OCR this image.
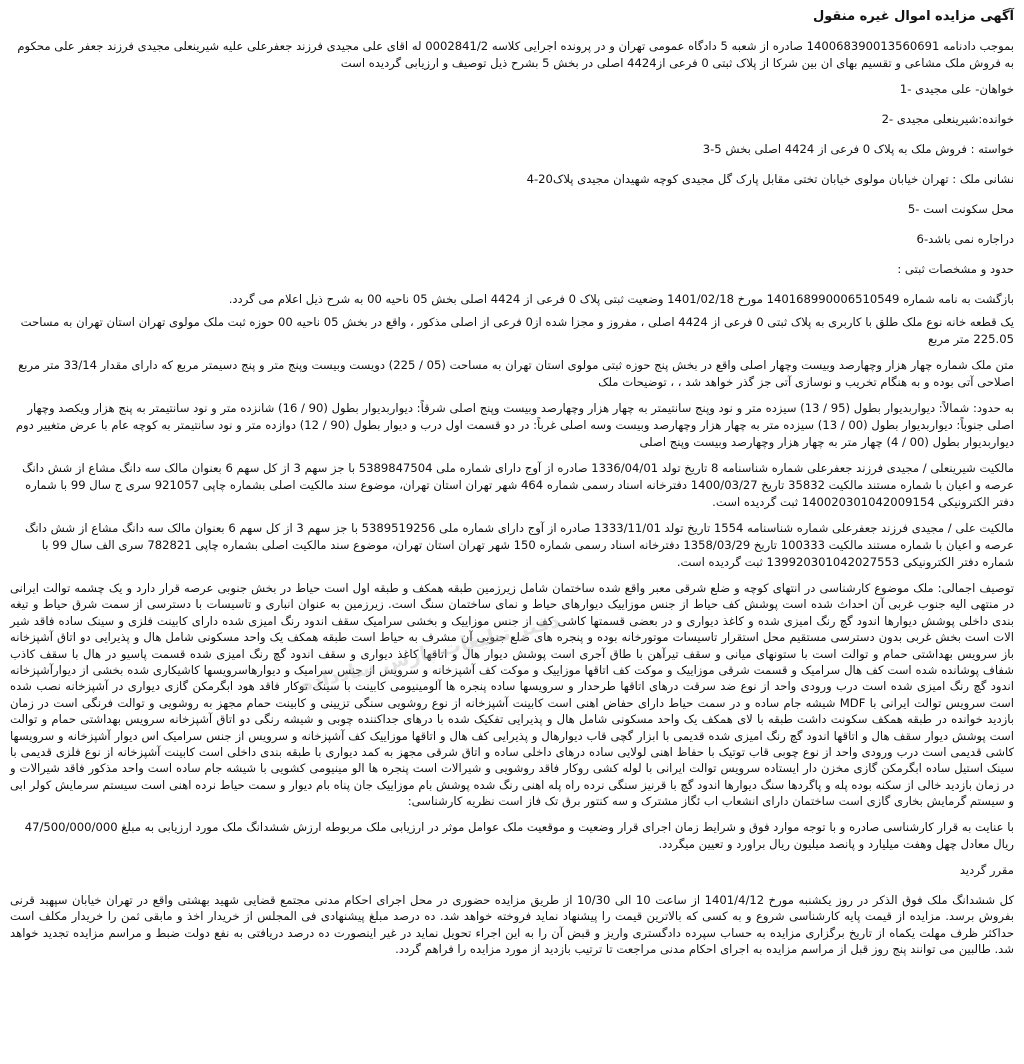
آگهی مزایده اموال غیره منقول
بموجب دادنامه 140068390013560691 صادره از شعبه 5 دادگاه عمومی تهران و در پرونده اجرایی کلاسه 0002841/2 له اقای علی مجیدی فرزند جعفرعلی علیه شیرینعلی مجیدی فرزند جعفر علی محکوم به فروش ملک مشاعی و تقسیم بهای ان بین شرکا از پلاک ثبتی 0 فرعی از4424 اصلی در بخش 5 بشرح ذیل توصیف و ارزیابی گردیده است
خواهان- علی مجیدی -1
خوانده:شیرینعلی مجیدی -2
خواسته : فروش ملک به پلاک 0 فرعی از 4424 اصلی بخش 5-3
نشانی ملک : تهران خیابان مولوی خیابان تختی مقابل پارک گل مجیدی کوچه شهیدان مجیدی پلاک20-4
محل سکونت است -5
دراجاره نمی باشد-6
حدود و مشخصات ثبتی :
بازگشت به نامه شماره 140168990006510549 مورخ 1401/02/18 وضعیت ثبتی پلاک 0 فرعی از 4424 اصلی بخش 05 ناحیه 00 به شرح ذیل اعلام می گردد.
یک قطعه خانه نوع ملک طلق با کاربری به پلاک ثبتی 0 فرعی از 4424 اصلی ، مفروز و مجزا شده از0 فرعی از اصلی مذکور ، واقع در بخش 05 ناحیه 00 حوزه ثبت ملک مولوی تهران استان تهران به مساحت 225.05 متر مربع
متن ملک شماره چهار هزار وچهارصد وبیست وچهار اصلی واقع در بخش پنج حوزه ثبتی مولوی استان تهران به مساحت (05 / 225) دویست وبیست وپنج متر و پنج دسیمتر مربع که دارای مقدار 33/14 متر مربع اصلاحی آتی بوده و به هنگام تخریب و نوسازی آتی جز گذر خواهد شد ، ، توضیحات ملک
به حدود: شمالاً: دیواربدیوار بطول (95 / 13) سیزده متر و نود وپنج سانتیمتر به چهار هزار وچهارصد وبیست وپنج اصلی شرقاً: دیواربدیوار بطول (90 / 16) شانزده متر و نود سانتیمتر به پنج هزار ویکصد وچهار اصلی جنوباً: دیواربدیوار بطول (00 / 13) سیزده متر به چهار هزار وچهارصد وبیست وسه اصلی غرباً: در دو قسمت اول درب و دیوار بطول (90 / 12) دوازده متر و نود سانتیمتر به کوچه عام با عرض متغییر دوم دیواربدیوار بطول (00 / 4) چهار متر به چهار هزار وچهارصد وبیست وپنج اصلی
مالکیت شیرینعلی / مجیدی فرزند جعفرعلی شماره شناسنامه 8 تاریخ تولد 1336/04/01 صادره از آوج دارای شماره ملی 5389847504 با جز سهم 3 از کل سهم 6 بعنوان مالک سه دانگ مشاع از شش دانگ عرصه و اعیان با شماره مستند مالکیت 35832 تاریخ 1400/03/27 دفترخانه اسناد رسمی شماره 464 شهر تهران استان تهران، موضوع سند مالکیت اصلی بشماره چاپی 921057 سری ج سال 99 با شماره دفتر الکترونیکی 140020301042009154 ثبت گردیده است.
مالکیت علی / مجیدی فرزند جعفرعلی شماره شناسنامه 1554 تاریخ تولد 1333/11/01 صادره از آوج دارای شماره ملی 5389519256 با جز سهم 3 از کل سهم 6 بعنوان مالک سه دانگ مشاع از شش دانگ عرصه و اعیان با شماره مستند مالکیت 100333 تاریخ 1358/03/29 دفترخانه اسناد رسمی شماره 150 شهر تهران استان تهران، موضوع سند مالکیت اصلی بشماره چاپی 782821 سری الف سال 99 با شماره دفتر الکترونیکی 139920301042027553 ثبت گردیده است.
توصیف اجمالی: ملک موضوع کارشناسی در انتهای کوچه و ضلع شرقی معبر واقع شده ساختمان شامل زیرزمین طبقه همکف و طبقه اول است حیاط در بخش جنوبی عرصه قرار دارد و یک چشمه توالت ایرانی در منتهی الیه جنوب غربی آن احداث شده است پوشش کف حیاط از جنس موزاییک دیوارهای حیاط و نمای ساختمان سنگ است. زیرزمین به عنوان انباری و تاسیسات با دسترسی از سمت شرق حیاط و تیغه بندی داخلی پوشش دیوارها اندود گچ رنگ امیزی شده و کاغذ دیواری و در بعضی قسمتها کاشی کف از جنس موزاییک و بخشی سرامیک سقف اندود رنگ امیزی شده دارای کابینت فلزی و سینک ساده فاقد شیر الات است بخش غربی بدون دسترسی مستقیم محل استقرار تاسیسات موتورخانه بوده و پنجره های ضلع جنوبی آن مشرف به حیاط است طبقه همکف یک واحد مسکونی شامل هال و پذیرایی دو اتاق آشپزخانه باز سرویس بهداشتی حمام و توالت است با ستونهای میانی و سقف تیرآهن با طاق آجری است پوشش دیوار هال و اتاقها کاغذ دیواری و سقف اندود گچ رنگ امیزی شده قسمت پاسیو در هال با سقف کاذب شفاف پوشانده شده است کف هال سرامیک و قسمت شرقی موزاییک و موکت کف اتاقها موزاییک و موکت کف آشپزخانه و سرویس از جنس سرامیک و دیوارهاسرویسها کاشیکاری شده بخشی از دیوارآشپزخانه اندود گچ رنگ امیزی شده است درب ورودی واحد از نوع ضد سرقت درهای اتاقها طرحدار و سرویسها ساده پنجره ها آلومینیومی کابینت با سینک توکار فاقد هود ابگرمکن گازی دیواری در آشپزخانه نصب شده است سرویس توالت ایرانی با MDF شیشه جام ساده و در سمت حیاط دارای حفاض اهنی است کابینت آشپزخانه از نوع روشویی سنگی تزیینی و کابینت حمام مجهز به روشویی و توالت فرنگی است در زمان بازدید خوانده در طبقه همکف سکونت داشت طبقه با لای همکف یک واحد مسکونی شامل هال و پذیرایی تفکیک شده با درهای جداکننده چوبی و شیشه رنگی دو اتاق آشپزخانه سرویس بهداشتی حمام و توالت است پوشش دیوار سقف هال و اتاقها اندود گچ رنگ امیزی شده قدیمی با ابزار گچی قاب دیوارهال و پذیرایی کف هال و اتاقها موزاییک کف آشپزخانه و سرویس از جنس سرامیک اس دیوار آشپزخانه و سرویسها کاشی قدیمی است درب ورودی واحد از نوع چوبی قاب توتیک با حفاظ اهنی لولایی ساده درهای داخلی ساده و اتاق شرقی مجهز به کمد دیواری با طبقه بندی داخلی است کابینت آشپزخانه از نوع فلزی قدیمی با سینک استیل ساده ابگرمکن گازی مخزن دار ایستاده سرویس توالت ایرانی با لوله کشی روکار فاقد روشویی و شیرالات است پنجره ها الو مینیومی کشویی با شیشه جام ساده است واحد مذکور فاقد شیرالات و در زمان بازدید خالی از سکنه بوده پله و پاگردها سنگ دیوارها اندود گچ با قرنیز سنگی نرده راه پله اهنی رنگ شده پوشش بام موزاییک جان پناه بام دیوار و سمت حیاط نرده اهنی است سیستم سرمایش کولر ابی و سیستم گرمایش بخاری گازی است ساختمان دارای انشعاب اب ئگاز مشترک و سه کنتور برق تک فاز است نظریه کارشناسی:
با عنایت به قرار کارشناسی صادره و با توجه موارد فوق و شرایط زمان اجرای قرار وضعیت و موقعیت ملک عوامل موثر در ارزیابی ملک مربوطه ارزش ششدانگ ملک مورد ارزیابی به مبلغ 47/500/000/000 ریال معادل چهل وهفت میلیارد و پانصد میلیون ریال براورد و تعیین میگردد.
مقرر گردید
کل ششدانگ ملک فوق الذکر در روز یکشنبه مورخ 1401/4/12 از ساعت 10 الی 10/30 از طریق مزایده حضوری در محل اجرای احکام مدنی مجتمع قضایی شهید بهشتی واقع در تهران خیابان سپهبد قرنی بفروش برسد. مزایده از قیمت پایه کارشناسی شروع و به کسی که بالاترین قیمت را پیشنهاد نماید فروخته خواهد شد. ده درصد مبلغ پیشنهادی فی المجلس از خریدار اخذ و مابقی ثمن را خریدار مکلف است حداکثر ظرف مهلت یکماه از تاریخ برگزاری مزایده به حساب سپرده دادگستری واریز و قبض آن را به این اجراء تحویل نماید در غیر اینصورت ده درصد دریافتی به نفع دولت ضبط و مراسم مزایده تجدید خواهد شد. طالبین می توانند پنج روز قبل از مراسم مزایده به اجرای احکام مدنی مراجعت تا ترتیب بازدید از مورد مزایده را فراهم گردد.
دفتر تبلیغات پارس سادداده
